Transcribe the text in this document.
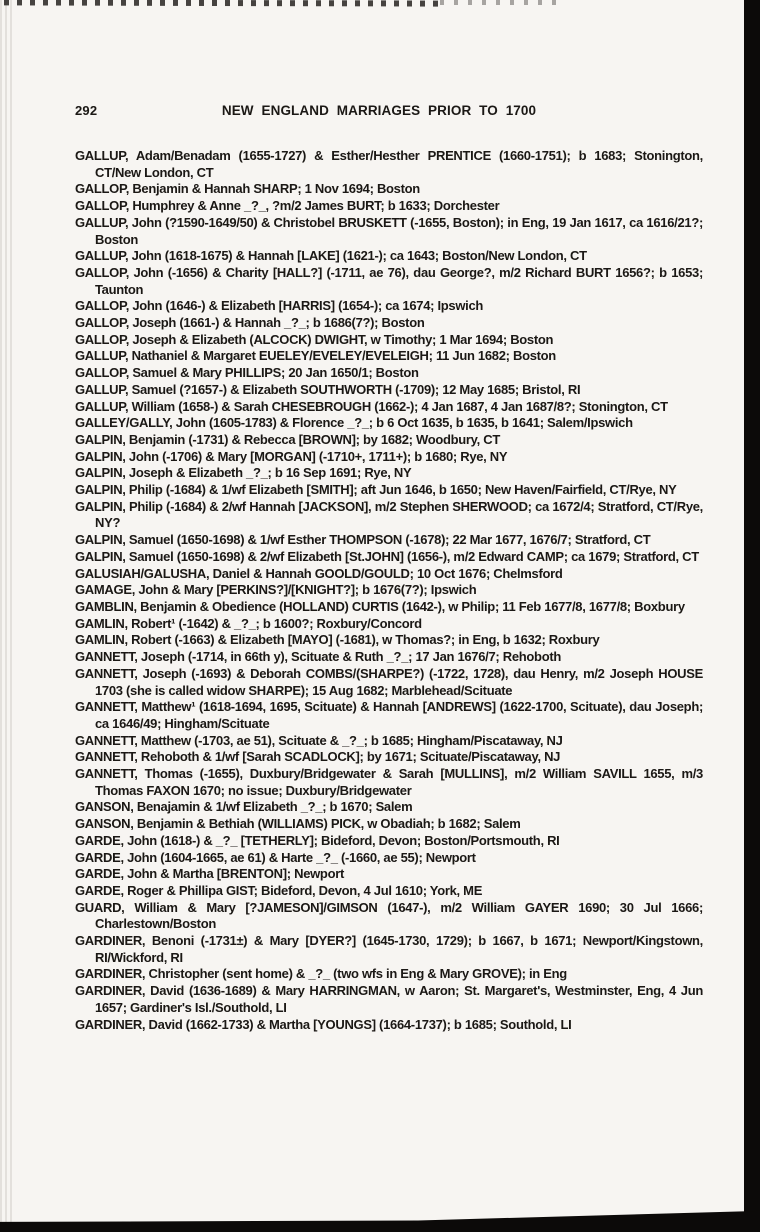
292	NEW ENGLAND MARRIAGES PRIOR TO 1700

GALLUP, Adam/Benadam (1655-1727) & Esther/Hesther PRENTICE (1660-1751); b 1683; Stonington, CT/New London, CT

GALLOP, Benjamin & Hannah SHARP; 1 Nov 1694; Boston

GALLOP, Humphrey & Anne _?_, ?m/2 James BURT; b 1633; Dorchester

GALLUP, John (?1590-1649/50) & Christobel BRUSKETT (-1655, Boston); in Eng, 19 Jan 1617, ca 1616/21?; Boston

GALLUP, John (1618-1675) & Hannah [LAKE] (1621-); ca 1643; Boston/New London, CT

GALLOP, John (-1656) & Charity [HALL?] (-1711, ae 76), dau George?, m/2 Richard BURT 1656?; b 1653; Taunton

GALLOP, John (1646-) & Elizabeth [HARRIS] (1654-); ca 1674; Ipswich

GALLOP, Joseph (1661-) & Hannah _?_; b 1686(7?); Boston

GALLOP, Joseph & Elizabeth (ALCOCK) DWIGHT, w Timothy; 1 Mar 1694; Boston

GALLUP, Nathaniel & Margaret EUELEY/EVELEY/EVELEIGH; 11 Jun 1682; Boston

GALLOP, Samuel & Mary PHILLIPS; 20 Jan 1650/1; Boston

GALLUP, Samuel (?1657-) & Elizabeth SOUTHWORTH (-1709); 12 May 1685; Bristol, RI

GALLUP, William (1658-) & Sarah CHESEBROUGH (1662-); 4 Jan 1687, 4 Jan 1687/8?; Stonington, CT

GALLEY/GALLY, John (1605-1783) & Florence _?_; b 6 Oct 1635, b 1635, b 1641; Salem/Ipswich

GALPIN, Benjamin (-1731) & Rebecca [BROWN]; by 1682; Woodbury, CT

GALPIN, John (-1706) & Mary [MORGAN] (-1710+, 1711+); b 1680; Rye, NY

GALPIN, Joseph & Elizabeth _?_; b 16 Sep 1691; Rye, NY

GALPIN, Philip (-1684) & 1/wf Elizabeth [SMITH]; aft Jun 1646, b 1650; New Haven/Fairfield, CT/Rye, NY

GALPIN, Philip (-1684) & 2/wf Hannah [JACKSON], m/2 Stephen SHERWOOD; ca 1672/4; Stratford, CT/Rye, NY?

GALPIN, Samuel (1650-1698) & 1/wf Esther THOMPSON (-1678); 22 Mar 1677, 1676/7; Stratford, CT

GALPIN, Samuel (1650-1698) & 2/wf Elizabeth [St.JOHN] (1656-), m/2 Edward CAMP; ca 1679; Stratford, CT

GALUSIAH/GALUSHA, Daniel & Hannah GOOLD/GOULD; 10 Oct 1676; Chelmsford

GAMAGE, John & Mary [PERKINS?]/[KNIGHT?]; b 1676(7?); Ipswich

GAMBLIN, Benjamin & Obedience (HOLLAND) CURTIS (1642-), w Philip; 11 Feb 1677/8, 1677/8; Boxbury

GAMLIN, Robert¹ (-1642) & _?_; b 1600?; Roxbury/Concord

GAMLIN, Robert (-1663) & Elizabeth [MAYO] (-1681), w Thomas?; in Eng, b 1632; Roxbury

GANNETT, Joseph (-1714, in 66th y), Scituate & Ruth _?_; 17 Jan 1676/7; Rehoboth

GANNETT, Joseph (-1693) & Deborah COMBS/(SHARPE?) (-1722, 1728), dau Henry, m/2 Joseph HOUSE 1703 (she is called widow SHARPE); 15 Aug 1682; Marblehead/Scituate

GANNETT, Matthew¹ (1618-1694, 1695, Scituate) & Hannah [ANDREWS] (1622-1700, Scituate), dau Joseph; ca 1646/49; Hingham/Scituate

GANNETT, Matthew (-1703, ae 51), Scituate & _?_; b 1685; Hingham/Piscataway, NJ

GANNETT, Rehoboth & 1/wf [Sarah SCADLOCK]; by 1671; Scituate/Piscataway, NJ

GANNETT, Thomas (-1655), Duxbury/Bridgewater & Sarah [MULLINS], m/2 William SAVILL 1655, m/3 Thomas FAXON 1670; no issue; Duxbury/Bridgewater

GANSON, Benajamin & 1/wf Elizabeth _?_; b 1670; Salem

GANSON, Benjamin & Bethiah (WILLIAMS) PICK, w Obadiah; b 1682; Salem

GARDE, John (1618-) & _?_ [TETHERLY]; Bideford, Devon; Boston/Portsmouth, RI

GARDE, John (1604-1665, ae 61) & Harte _?_ (-1660, ae 55); Newport

GARDE, John & Martha [BRENTON]; Newport

GARDE, Roger & Phillipa GIST; Bideford, Devon, 4 Jul 1610; York, ME

GUARD, William & Mary [?JAMESON]/GIMSON (1647-), m/2 William GAYER 1690; 30 Jul 1666; Charlestown/Boston

GARDINER, Benoni (-1731±) & Mary [DYER?] (1645-1730, 1729); b 1667, b 1671; Newport/Kingstown, RI/Wickford, RI

GARDINER, Christopher (sent home) & _?_ (two wfs in Eng & Mary GROVE); in Eng

GARDINER, David (1636-1689) & Mary HARRINGMAN, w Aaron; St. Margaret's, Westminster, Eng, 4 Jun 1657; Gardiner's Isl./Southold, LI

GARDINER, David (1662-1733) & Martha [YOUNGS] (1664-1737); b 1685; Southold, LI
